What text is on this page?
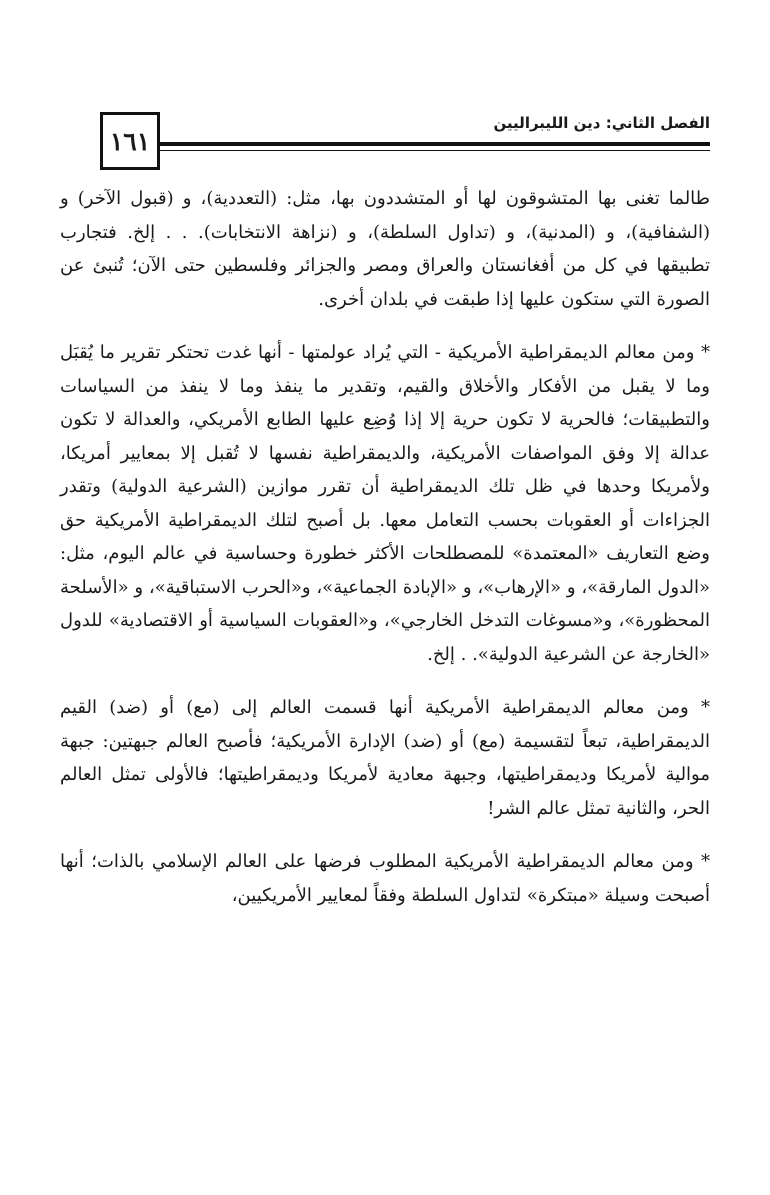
١٦١
الفصل الثاني: دين الليبراليين

طالما تغنى بها المتشوقون لها أو المتشددون بها، مثل: (التعددية)، و (قبول الآخر) و (الشفافية)، و (المدنية)، و (تداول السلطة)، و (نزاهة الانتخابات). . . إلخ. فتجارب تطبيقها في كل من أفغانستان والعراق ومصر والجزائر وفلسطين حتى الآن؛ تُنبئ عن الصورة التي ستكون عليها إذا طبقت في بلدان أخرى.

* ومن معالم الديمقراطية الأمريكية - التي يُراد عولمتها - أنها غدت تحتكر تقرير ما يُقبَل وما لا يقبل من الأفكار والأخلاق والقيم، وتقدير ما ينفذ وما لا ينفذ من السياسات والتطبيقات؛ فالحرية لا تكون حرية إلا إذا وُضِع عليها الطابع الأمريكي، والعدالة لا تكون عدالة إلا وفق المواصفات الأمريكية، والديمقراطية نفسها لا تُقبل إلا بمعايير أمريكا، ولأمريكا وحدها في ظل تلك الديمقراطية أن تقرر موازين (الشرعية الدولية) وتقدر الجزاءات أو العقوبات بحسب التعامل معها. بل أصبح لتلك الديمقراطية الأمريكية حق وضع التعاريف «المعتمدة» للمصطلحات الأكثر خطورة وحساسية في عالم اليوم، مثل: «الدول المارقة»، و «الإرهاب»، و «الإبادة الجماعية»، و«الحرب الاستباقية»، و «الأسلحة المحظورة»، و«مسوغات التدخل الخارجي»، و«العقوبات السياسية أو الاقتصادية» للدول «الخارجة عن الشرعية الدولية». . إلخ.

* ومن معالم الديمقراطية الأمريكية أنها قسمت العالم إلى (مع) أو (ضد) القيم الديمقراطية، تبعاً لتقسيمة (مع) أو (ضد) الإدارة الأمريكية؛ فأصبح العالم جبهتين: جبهة موالية لأمريكا وديمقراطيتها، وجبهة معادية لأمريكا وديمقراطيتها؛ فالأولى تمثل العالم الحر، والثانية تمثل عالم الشر!

* ومن معالم الديمقراطية الأمريكية المطلوب فرضها على العالم الإسلامي بالذات؛ أنها أصبحت وسيلة «مبتكرة» لتداول السلطة وفقاً لمعايير الأمريكيين،
